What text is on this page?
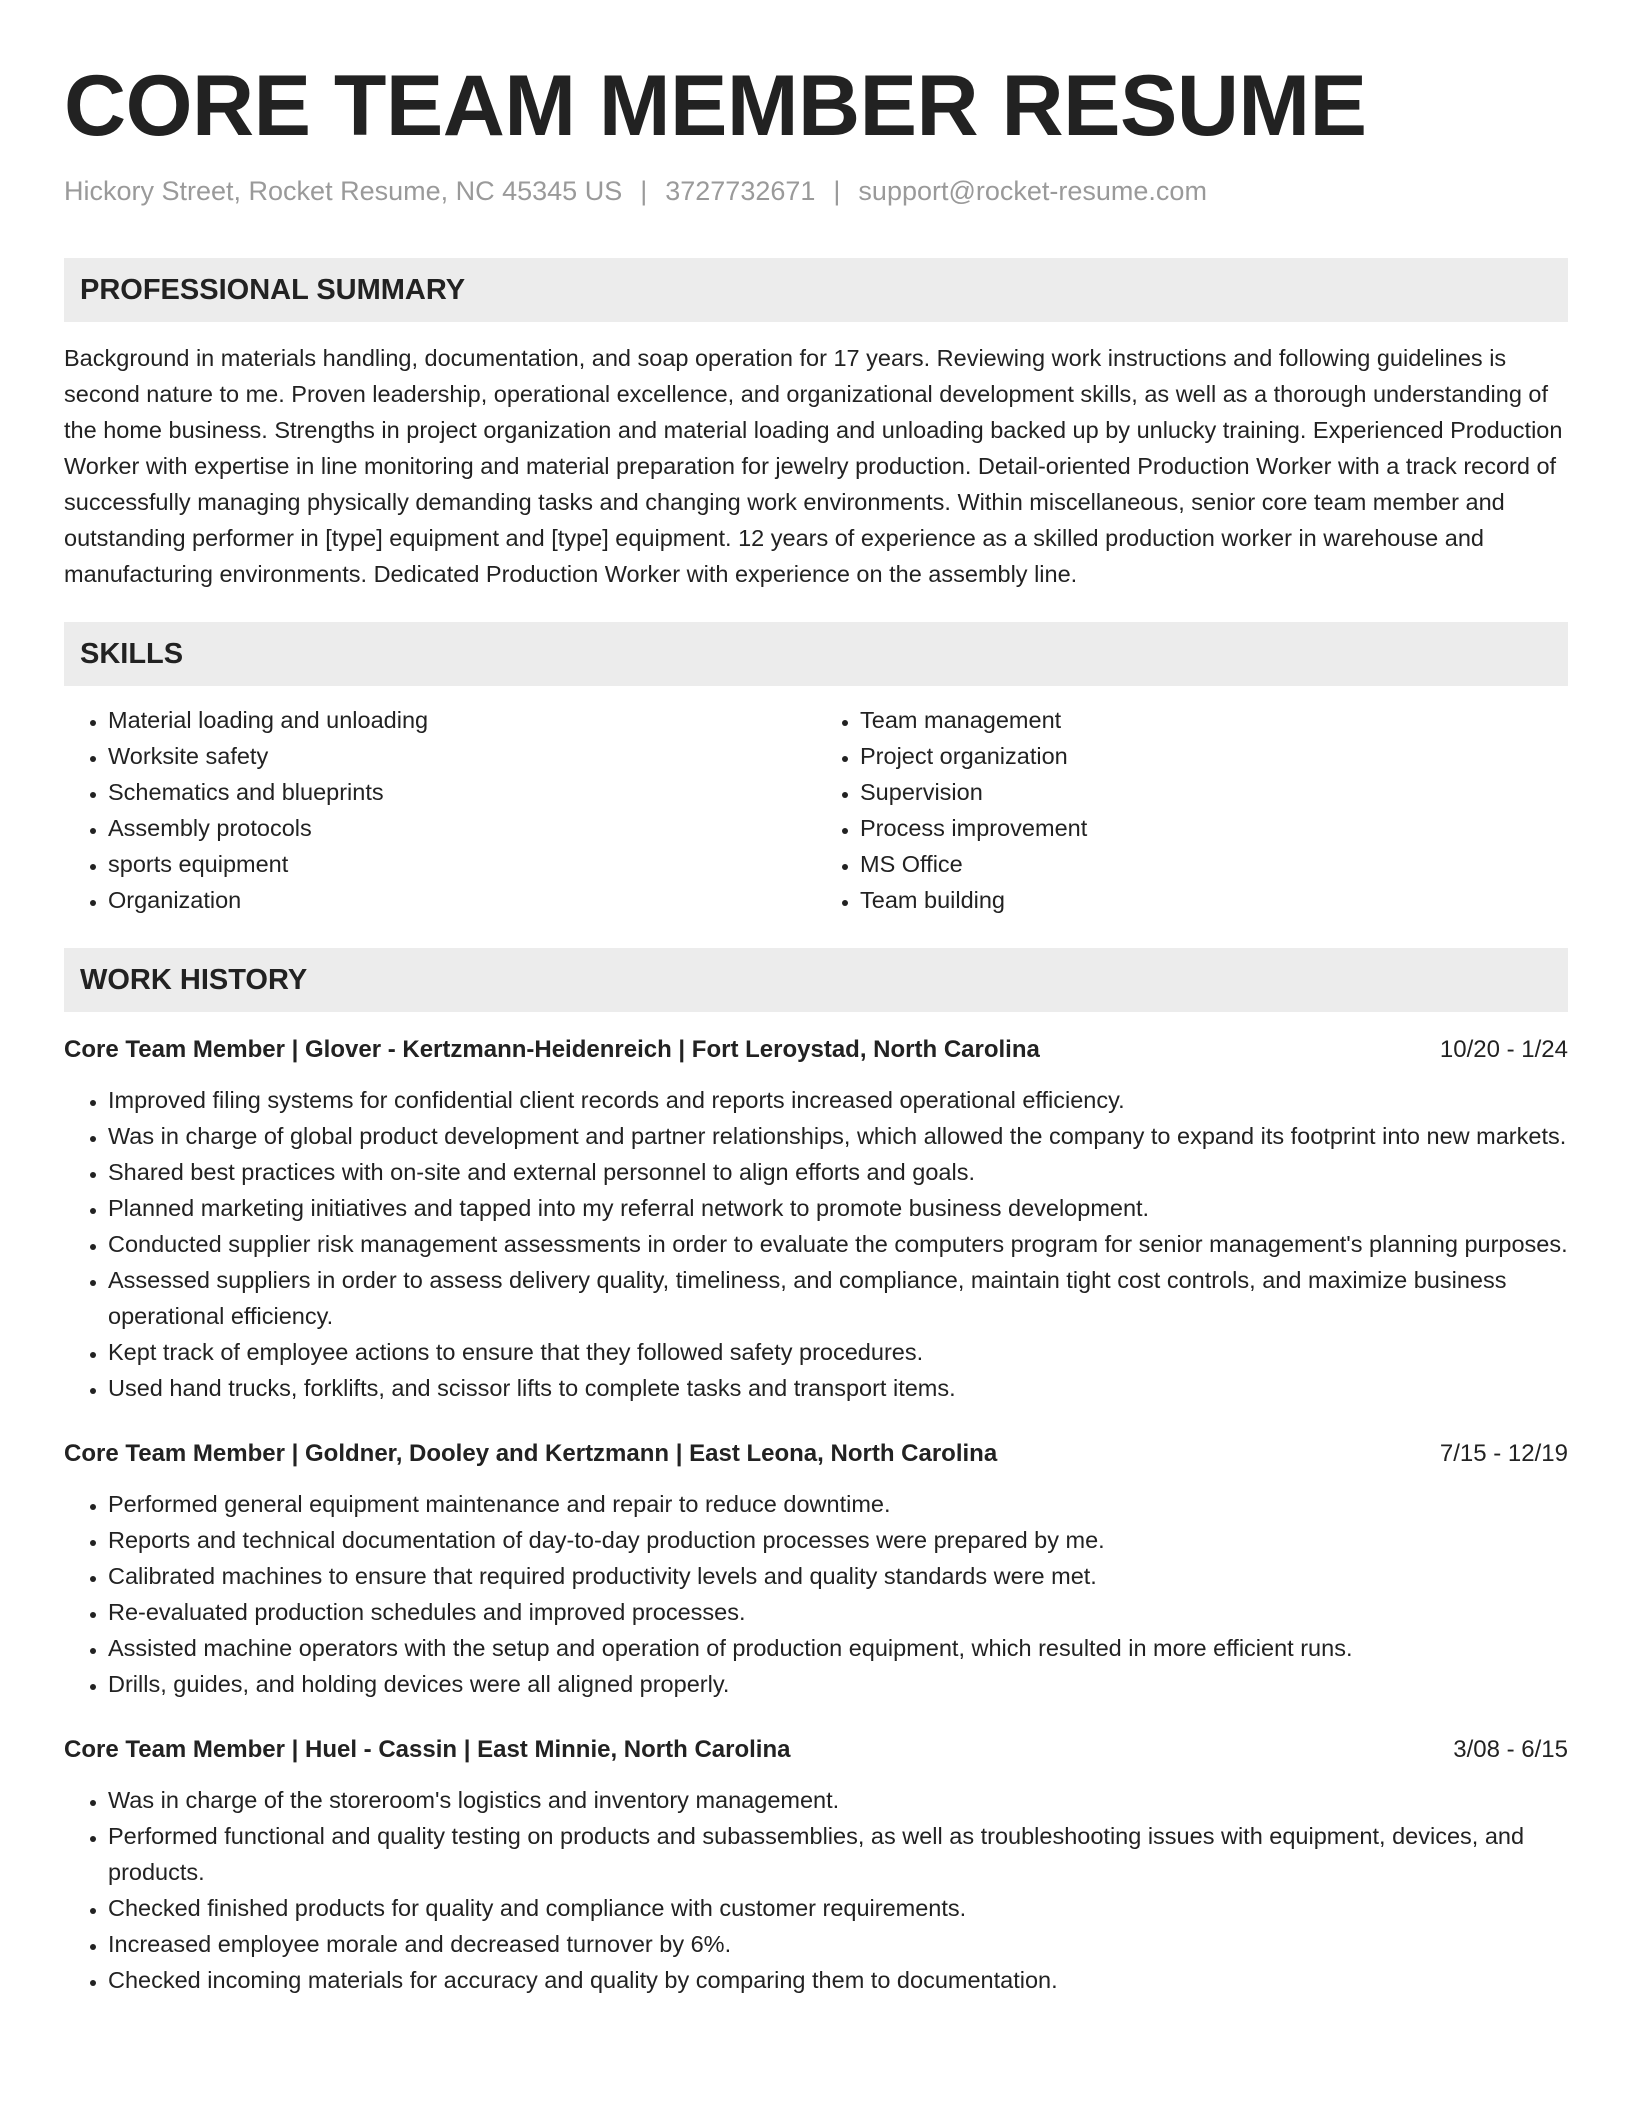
CORE TEAM MEMBER RESUME
Hickory Street, Rocket Resume, NC 45345 US | 3727732671 | support@rocket-resume.com
PROFESSIONAL SUMMARY
Background in materials handling, documentation, and soap operation for 17 years. Reviewing work instructions and following guidelines is second nature to me. Proven leadership, operational excellence, and organizational development skills, as well as a thorough understanding of the home business. Strengths in project organization and material loading and unloading backed up by unlucky training. Experienced Production Worker with expertise in line monitoring and material preparation for jewelry production. Detail-oriented Production Worker with a track record of successfully managing physically demanding tasks and changing work environments. Within miscellaneous, senior core team member and outstanding performer in [type] equipment and [type] equipment. 12 years of experience as a skilled production worker in warehouse and manufacturing environments. Dedicated Production Worker with experience on the assembly line.
SKILLS
• Material loading and unloading
• Worksite safety
• Schematics and blueprints
• Assembly protocols
• sports equipment
• Organization
• Team management
• Project organization
• Supervision
• Process improvement
• MS Office
• Team building
WORK HISTORY
Core Team Member | Glover - Kertzmann-Heidenreich | Fort Leroystad, North Carolina	10/20 - 1/24
• Improved filing systems for confidential client records and reports increased operational efficiency.
• Was in charge of global product development and partner relationships, which allowed the company to expand its footprint into new markets.
• Shared best practices with on-site and external personnel to align efforts and goals.
• Planned marketing initiatives and tapped into my referral network to promote business development.
• Conducted supplier risk management assessments in order to evaluate the computers program for senior management's planning purposes.
• Assessed suppliers in order to assess delivery quality, timeliness, and compliance, maintain tight cost controls, and maximize business operational efficiency.
• Kept track of employee actions to ensure that they followed safety procedures.
• Used hand trucks, forklifts, and scissor lifts to complete tasks and transport items.
Core Team Member | Goldner, Dooley and Kertzmann | East Leona, North Carolina	7/15 - 12/19
• Performed general equipment maintenance and repair to reduce downtime.
• Reports and technical documentation of day-to-day production processes were prepared by me.
• Calibrated machines to ensure that required productivity levels and quality standards were met.
• Re-evaluated production schedules and improved processes.
• Assisted machine operators with the setup and operation of production equipment, which resulted in more efficient runs.
• Drills, guides, and holding devices were all aligned properly.
Core Team Member | Huel - Cassin | East Minnie, North Carolina	3/08 - 6/15
• Was in charge of the storeroom's logistics and inventory management.
• Performed functional and quality testing on products and subassemblies, as well as troubleshooting issues with equipment, devices, and products.
• Checked finished products for quality and compliance with customer requirements.
• Increased employee morale and decreased turnover by 6%.
• Checked incoming materials for accuracy and quality by comparing them to documentation.
